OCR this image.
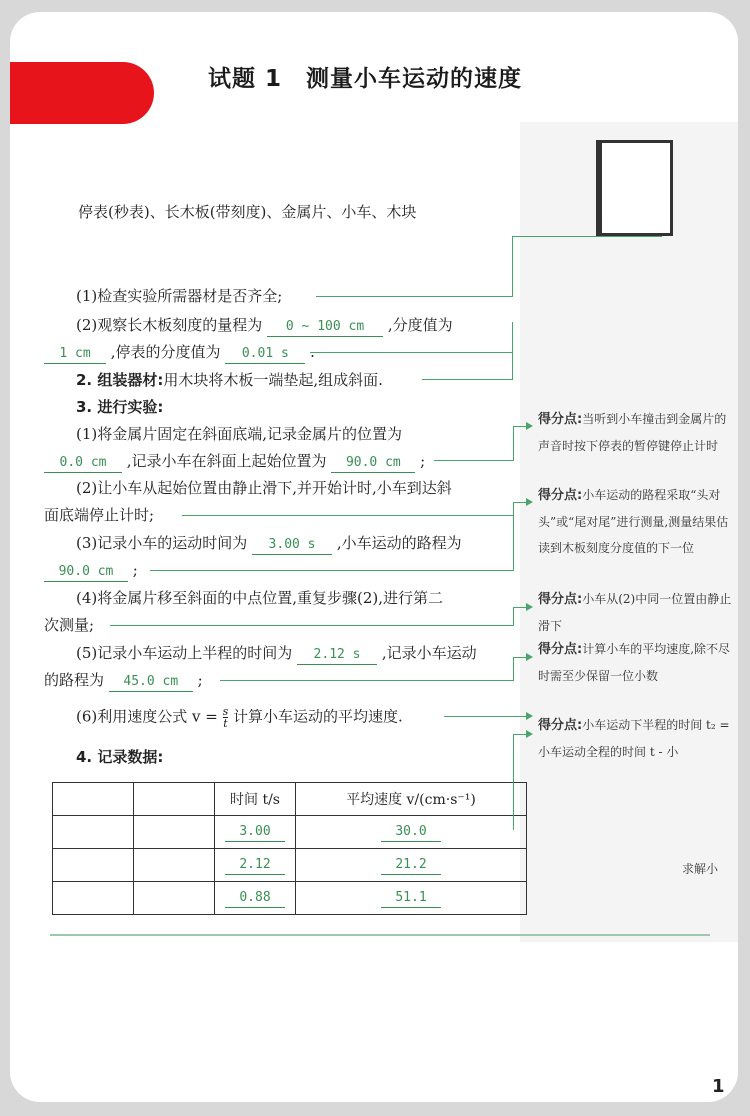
试题 1　测量小车运动的速度
停表(秒表)、长木板(带刻度)、金属片、小车、木块
(1)检查实验所需器材是否齐全;
(2)观察长木板刻度的量程为 0 ~ 100 cm ,分度值为
1 cm ,停表的分度值为 0.01 s
2. 组装器材:用木块将木板一端垫起,组成斜面.
3. 进行实验:
(1)将金属片固定在斜面底端,记录金属片的位置为
0.0 cm ,记录小车在斜面上起始位置为 90.0 cm ;
(2)让小车从起始位置由静止滑下,并开始计时,小车到达斜
面底端停止计时;
(3)记录小车的运动时间为 3.00 s ,小车运动的路程为
90.0 cm ;
(4)将金属片移至斜面的中点位置,重复步骤(2),进行第二
次测量;
(5)记录小车运动上半程的时间为 2.12 s ,记录小车运动
的路程为 45.0 cm ;
(6)利用速度公式 $v = \frac{s}{t}$ 计算小车运动的平均速度.
4. 记录数据:
		时间 t/s	平均速度 v/(cm·s⁻¹)
		3.00	30.0
		2.12	21.2
		0.88	51.1
得分点:当听到小车撞击到金属片的声音时按下停表的暂停键停止计时
得分点:小车运动的路程采取“头对头”或“尾对尾”进行测量,测量结果估读到木板刻度分度值的下一位
得分点:小车从(2)中同一位置由静止滑下
得分点:计算小车的平均速度,除不尽时需至少保留一位小数
得分点:小车运动下半程的时间 t₂ = 小车运动全程的时间 t - 小
求解小
1
